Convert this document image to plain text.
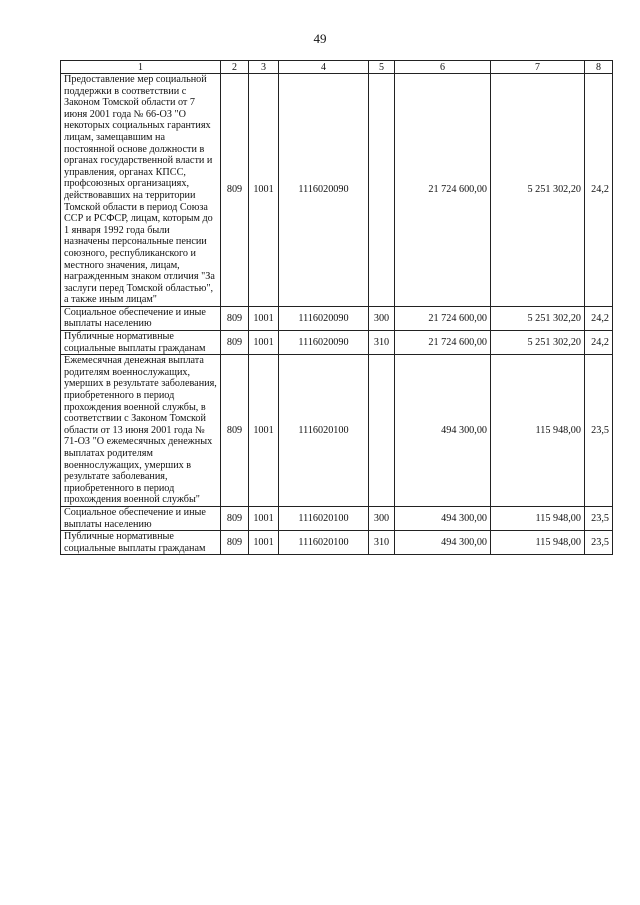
49
1	2	3	4	5	6	7	8
Предоставление мер социальной поддержки в соответствии с Законом Томской области от 7 июня 2001 года № 66-ОЗ "О некоторых социальных гарантиях лицам, замещавшим на постоянной основе должности в органах государственной власти и управления, органах КПСС, профсоюзных организациях, действовавших на территории Томской области в период Союза ССР и РСФСР, лицам, которым до 1 января 1992 года были назначены персональные пенсии союзного, республиканского и местного значения, лицам, награжденным знаком отличия "За заслуги перед Томской областью", а также иным лицам"	809	1001	1116020090		21 724 600,00	5 251 302,20	24,2
Социальное обеспечение и иные выплаты населению	809	1001	1116020090	300	21 724 600,00	5 251 302,20	24,2
Публичные нормативные социальные выплаты гражданам	809	1001	1116020090	310	21 724 600,00	5 251 302,20	24,2
Ежемесячная денежная выплата родителям военнослужащих, умерших в результате заболевания, приобретенного в период прохождения военной службы, в соответствии с Законом Томской области от 13 июня 2001 года № 71-ОЗ "О ежемесячных денежных выплатах родителям военнослужащих, умерших в результате заболевания, приобретенного в период прохождения военной службы"	809	1001	1116020100		494 300,00	115 948,00	23,5
Социальное обеспечение и иные выплаты населению	809	1001	1116020100	300	494 300,00	115 948,00	23,5
Публичные нормативные социальные выплаты гражданам	809	1001	1116020100	310	494 300,00	115 948,00	23,5
